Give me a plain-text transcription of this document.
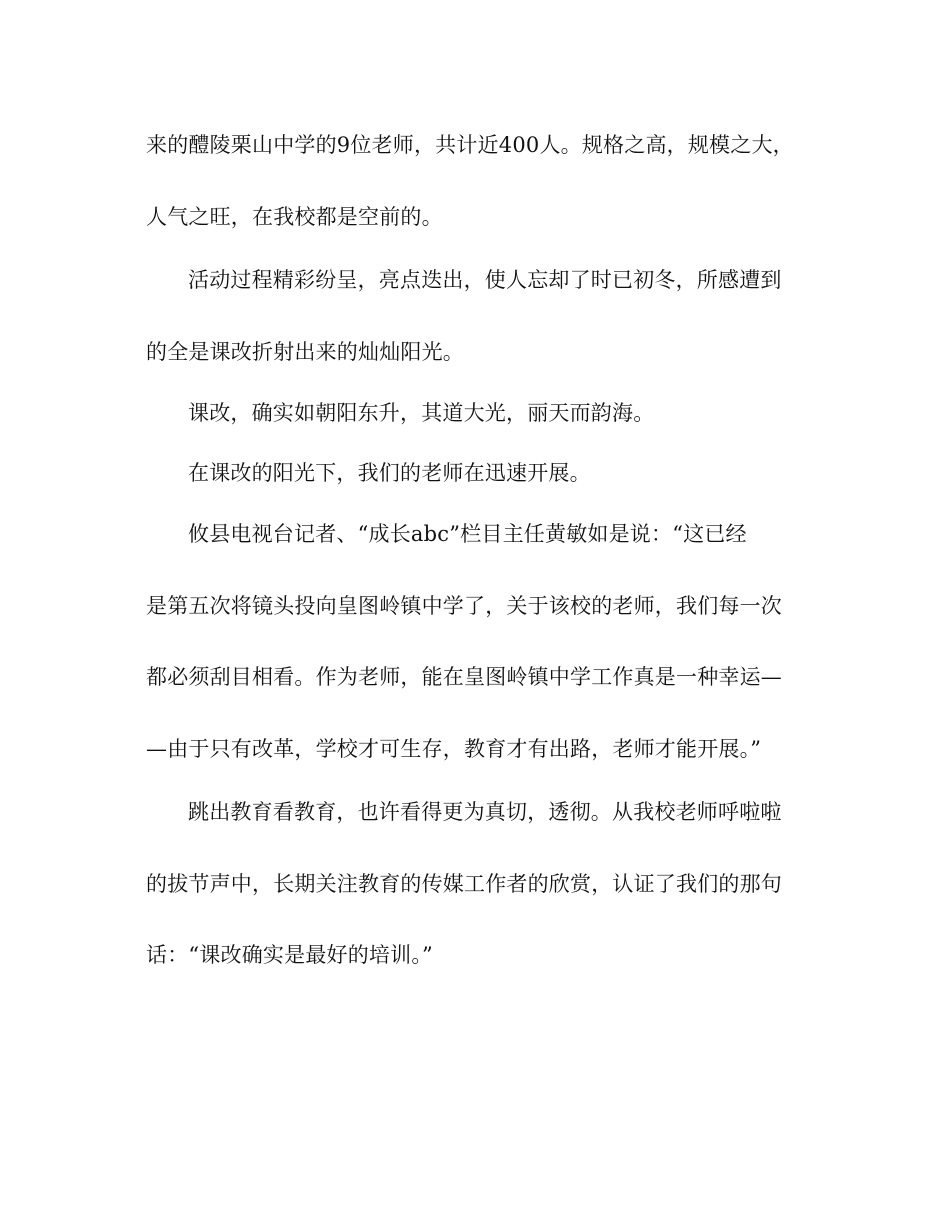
来的醴陵栗山中学的9位老师，共计近400人。规格之高，规模之大，
人气之旺，在我校都是空前的。
活动过程精彩纷呈，亮点迭出，使人忘却了时已初冬，所感遭到
的全是课改折射出来的灿灿阳光。
课改，确实如朝阳东升，其道大光，丽天而韵海。
在课改的阳光下，我们的老师在迅速开展。
攸县电视台记者、“成长abc”栏目主任黄敏如是说：“这已经
是第五次将镜头投向皇图岭镇中学了，关于该校的老师，我们每一次
都必须刮目相看。作为老师，能在皇图岭镇中学工作真是一种幸运—
—由于只有改革，学校才可生存，教育才有出路，老师才能开展。”
跳出教育看教育，也许看得更为真切，透彻。从我校老师呼啦啦
的拔节声中，长期关注教育的传媒工作者的欣赏，认证了我们的那句
话：“课改确实是最好的培训。”
